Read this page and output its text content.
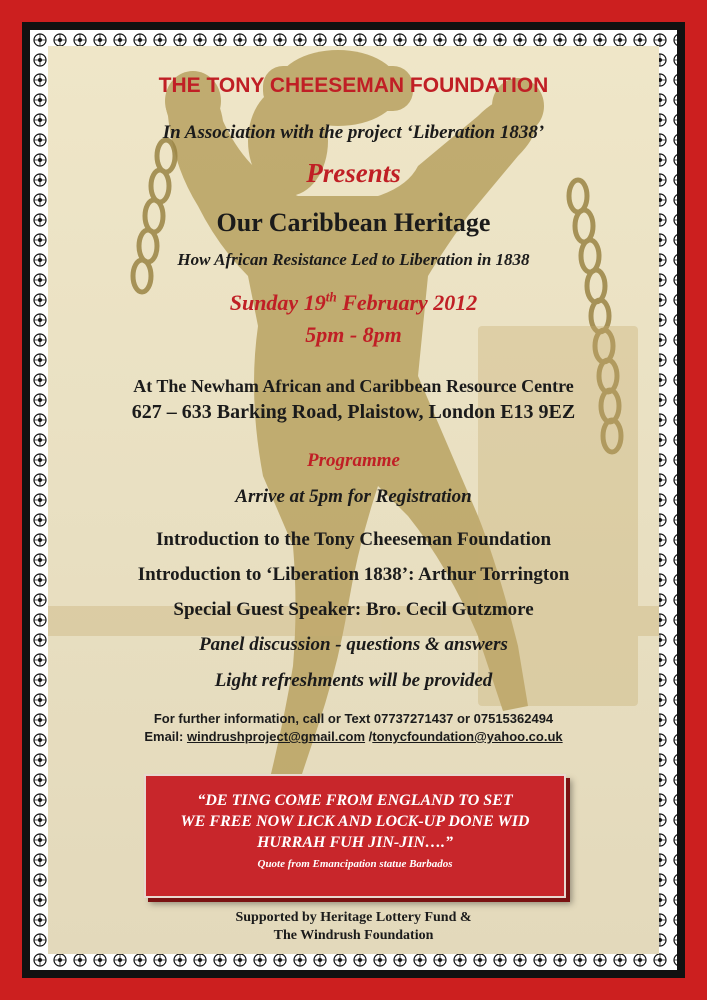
THE TONY CHEESEMAN FOUNDATION
In Association with the project ‘Liberation 1838’
Presents
Our Caribbean Heritage
How African Resistance Led to Liberation in 1838
Sunday 19th February 2012
5pm - 8pm
At The Newham African and Caribbean Resource Centre
627 – 633 Barking Road, Plaistow, London E13 9EZ
Programme
Arrive at 5pm for Registration
Introduction to the Tony Cheeseman Foundation
Introduction to ‘Liberation 1838’: Arthur Torrington
Special Guest Speaker: Bro. Cecil Gutzmore
Panel discussion - questions & answers
Light refreshments will be provided
For further information, call or Text 07737271437 or 07515362494
Email: windrushproject@gmail.com /tonycfoundation@yahoo.co.uk
“DE TING COME FROM ENGLAND TO SET
WE FREE NOW LICK AND LOCK-UP DONE WID
HURRAH FUH JIN-JIN….”
Quote from Emancipation statue Barbados
Supported by Heritage Lottery Fund &
The Windrush Foundation
